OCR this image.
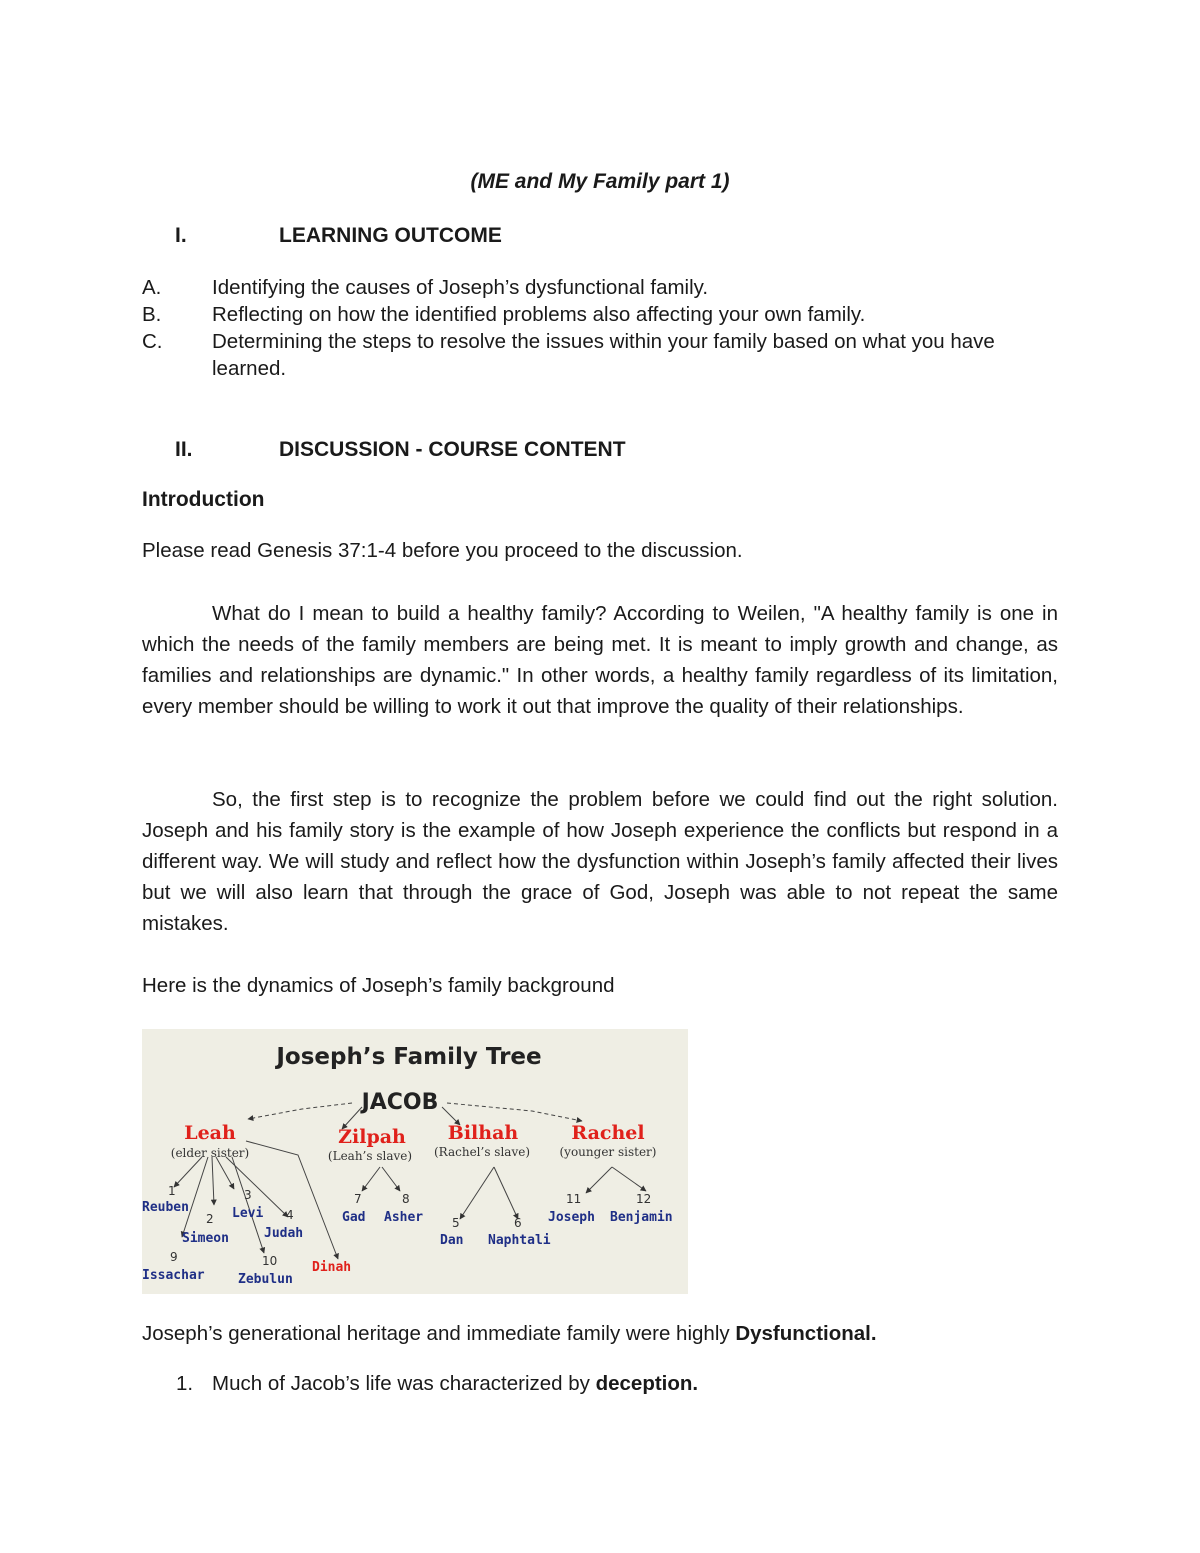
(ME and My Family part 1)
I.	LEARNING OUTCOME
A. Identifying the causes of Joseph’s dysfunctional family.
B. Reflecting on how the identified problems also affecting your own family.
C. Determining the steps to resolve the issues within your family based on what you have learned.
II.	DISCUSSION - COURSE CONTENT
Introduction
Please read Genesis 37:1-4 before you proceed to the discussion.
What do I mean to build a healthy family? According to Weilen, "A healthy family is one in which the needs of the family members are being met. It is meant to imply growth and change, as families and relationships are dynamic." In other words, a healthy family regardless of its limitation, every member should be willing to work it out that improve the quality of their relationships.
So, the first step is to recognize the problem before we could find out the right solution. Joseph and his family story is the example of how Joseph experience the conflicts but respond in a different way. We will study and reflect how the dysfunction within Joseph’s family affected their lives but we will also learn that through the grace of God, Joseph was able to not repeat the same mistakes.
Here is the dynamics of Joseph’s family background
Joseph’s Family Tree
JACOB
Leah	Zilpah Bilhah	Rachel
(elder sister)	(Leah’s slave) (Rachel’s slave) (younger sister)
1
2
3
4
9	10
7	8
5	6
11	12
Reuben
Simeon
Levi
Judah
Issachar	Zebulun
Gad Asher
Dan Naphtali
Joseph Benjamin
Dinah
Joseph’s generational heritage and immediate family were highly Dysfunctional.
1. Much of Jacob’s life was characterized by deception.
